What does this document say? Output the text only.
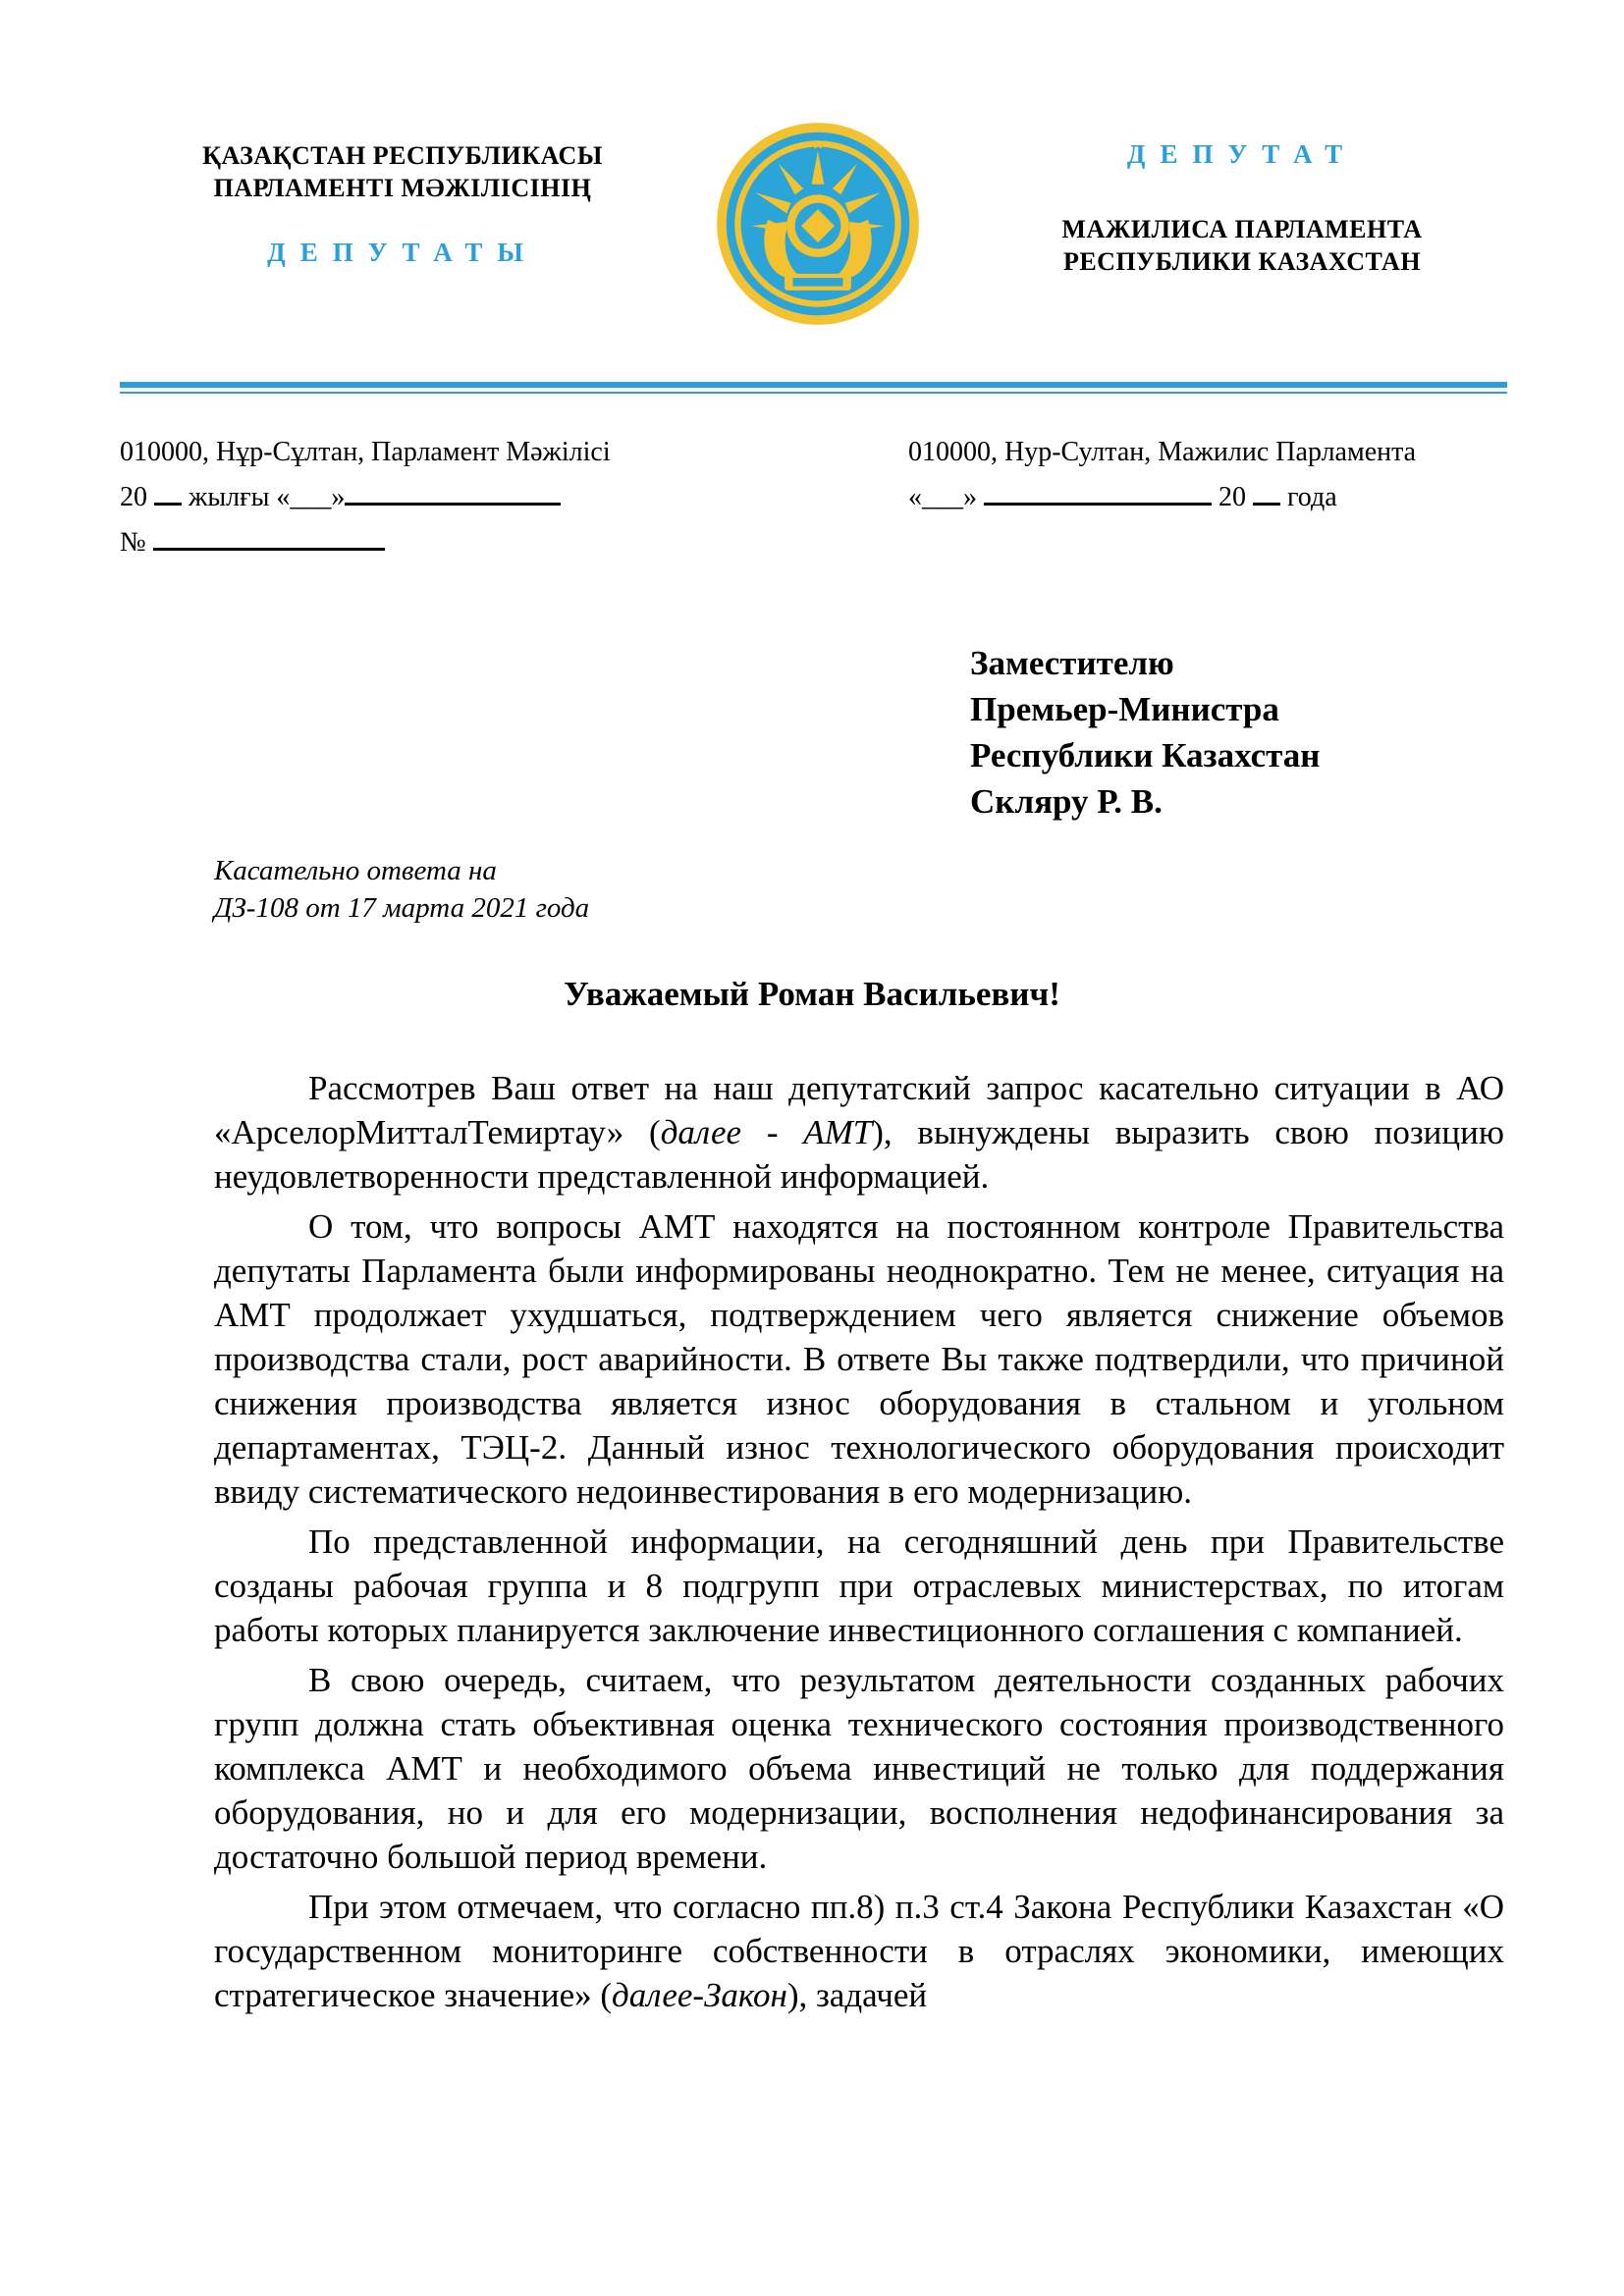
ҚАЗАҚСТАН РЕСПУБЛИКАСЫ
ПАРЛАМЕНТІ МӘЖІЛІСІНІҢ
ДЕПУТАТЫ
ДЕПУТАТ
МАЖИЛИСА ПАРЛАМЕНТА
РЕСПУБЛИКИ КАЗАХСТАН
010000, Нұр-Сұлтан, Парламент Мәжілісі
20 жылғы «___»
№
010000, Нур-Султан, Мажилис Парламента
«___»	20 года
Заместителю
Премьер-Министра
Республики Казахстан
Скляру Р. В.
Касательно ответа на
ДЗ-108 от 17 марта 2021 года
Уважаемый Роман Васильевич!

Рассмотрев Ваш ответ на наш депутатский запрос касательно ситуации в АО «АрселорМитталТемиртау» (далее - АМТ), вынуждены выразить свою позицию неудовлетворенности представленной информацией.

О том, что вопросы АМТ находятся на постоянном контроле Правительства депутаты Парламента были информированы неоднократно. Тем не менее, ситуация на АМТ продолжает ухудшаться, подтверждением чего является снижение объемов производства стали, рост аварийности. В ответе Вы также подтвердили, что причиной снижения производства является износ оборудования в стальном и угольном департаментах, ТЭЦ-2. Данный износ технологического оборудования происходит ввиду систематического недоинвестирования в его модернизацию.

По представленной информации, на сегодняшний день при Правительстве созданы рабочая группа и 8 подгрупп при отраслевых министерствах, по итогам работы которых планируется заключение инвестиционного соглашения с компанией.

В свою очередь, считаем, что результатом деятельности созданных рабочих групп должна стать объективная оценка технического состояния производственного комплекса АМТ и необходимого объема инвестиций не только для поддержания оборудования, но и для его модернизации, восполнения недофинансирования за достаточно большой период времени.

При этом отмечаем, что согласно пп.8) п.3 ст.4 Закона Республики Казахстан «О государственном мониторинге собственности в отраслях экономики, имеющих стратегическое значение» (далее-Закон), задачей
